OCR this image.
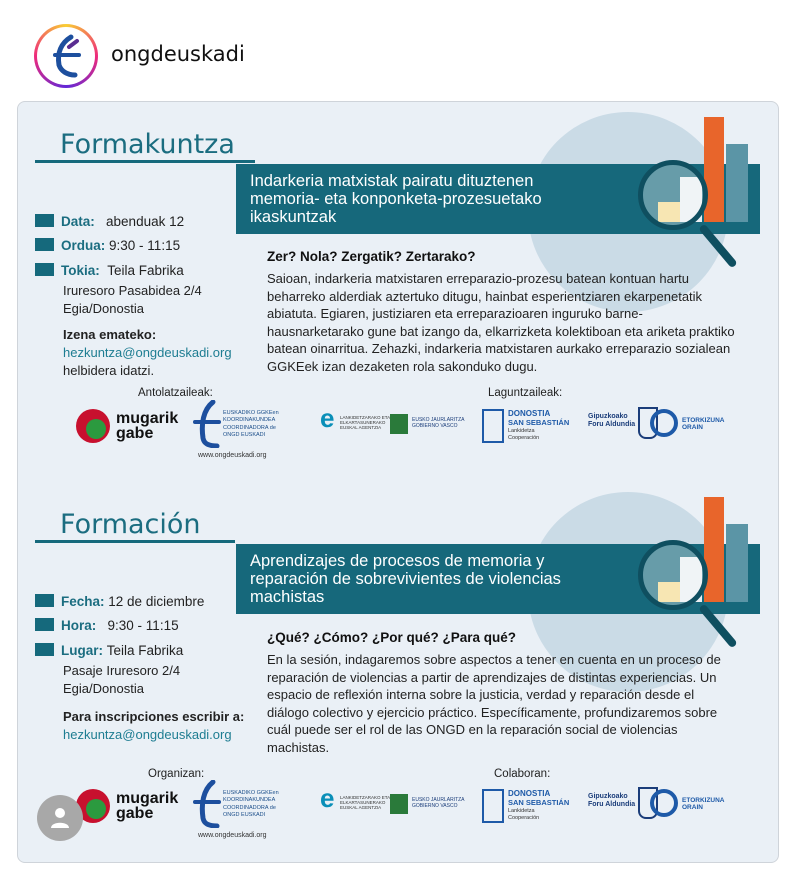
ongdeuskadi
Formakuntza
Indarkeria matxistak pairatu dituztenen memoria- eta konponketa-prozesuetako ikaskuntzak
Data: abenduak 12
Ordua: 9:30 - 11:15
Tokia: Teila Fabrika
Iruresoro Pasabidea 2/4
Egia/Donostia
Izena emateko:
hezkuntza@ongdeuskadi.org
helbidera idatzi.
Zer? Nola? Zergatik? Zertarako?
Saioan, indarkeria matxistaren erreparazio-prozesu batean kontuan hartu beharreko alderdiak aztertuko ditugu, hainbat esperientziaren ekarpenetatik abiatuta. Egiaren, justiziaren eta erreparazioaren inguruko barne-hausnarketarako gune bat izango da, elkarrizketa kolektiboan eta ariketa praktiko batean oinarritua. Zehazki, indarkeria matxistaren aurkako erreparazio sozialean GGKEek izan dezaketen rola sakonduko dugu.
Antolatzaileak:	Laguntzaileak:
mugarik gabe
EUSKADIKO GGKEen KOORDINAKUNDEA
COORDINADORA de ONGD EUSKADI
www.ongdeuskadi.org
e	LANKIDETZARAKO ETA ELKARTASUNERAKO EUSKAL AGENTZIA
EUSKO JAURLARITZA GOBIERNO VASCO
DONOSTIA
SAN SEBASTIÁN
Lankidetza Cooperación
Gipuzkoako
Foru Aldundia
ETORKIZUNA
ORAIN
Formación
Aprendizajes de procesos de memoria y reparación de sobrevivientes de violencias machistas
Fecha: 12 de diciembre
Hora: 9:30 - 11:15
Lugar: Teila Fabrika
Pasaje Iruresoro 2/4
Egia/Donostia
Para inscripciones escribir a:
hezkuntza@ongdeuskadi.org
¿Qué? ¿Cómo? ¿Por qué? ¿Para qué?
En la sesión, indagaremos sobre aspectos a tener en cuenta en un proceso de reparación de violencias a partir de aprendizajes de distintas experiencias. Un espacio de reflexión interna sobre la justicia, verdad y reparación desde el diálogo colectivo y ejercicio práctico. Específicamente, profundizaremos sobre cuál puede ser el rol de las ONGD en la reparación social de violencias machistas.
Organizan:	Colaboran:
mugarik gabe
EUSKADIKO GGKEen KOORDINAKUNDEA
COORDINADORA de ONGD EUSKADI
www.ongdeuskadi.org
e	LANKIDETZARAKO ETA ELKARTASUNERAKO EUSKAL AGENTZIA
EUSKO JAURLARITZA GOBIERNO VASCO
DONOSTIA
SAN SEBASTIÁN
Lankidetza Cooperación
Gipuzkoako
Foru Aldundia
ETORKIZUNA
ORAIN
